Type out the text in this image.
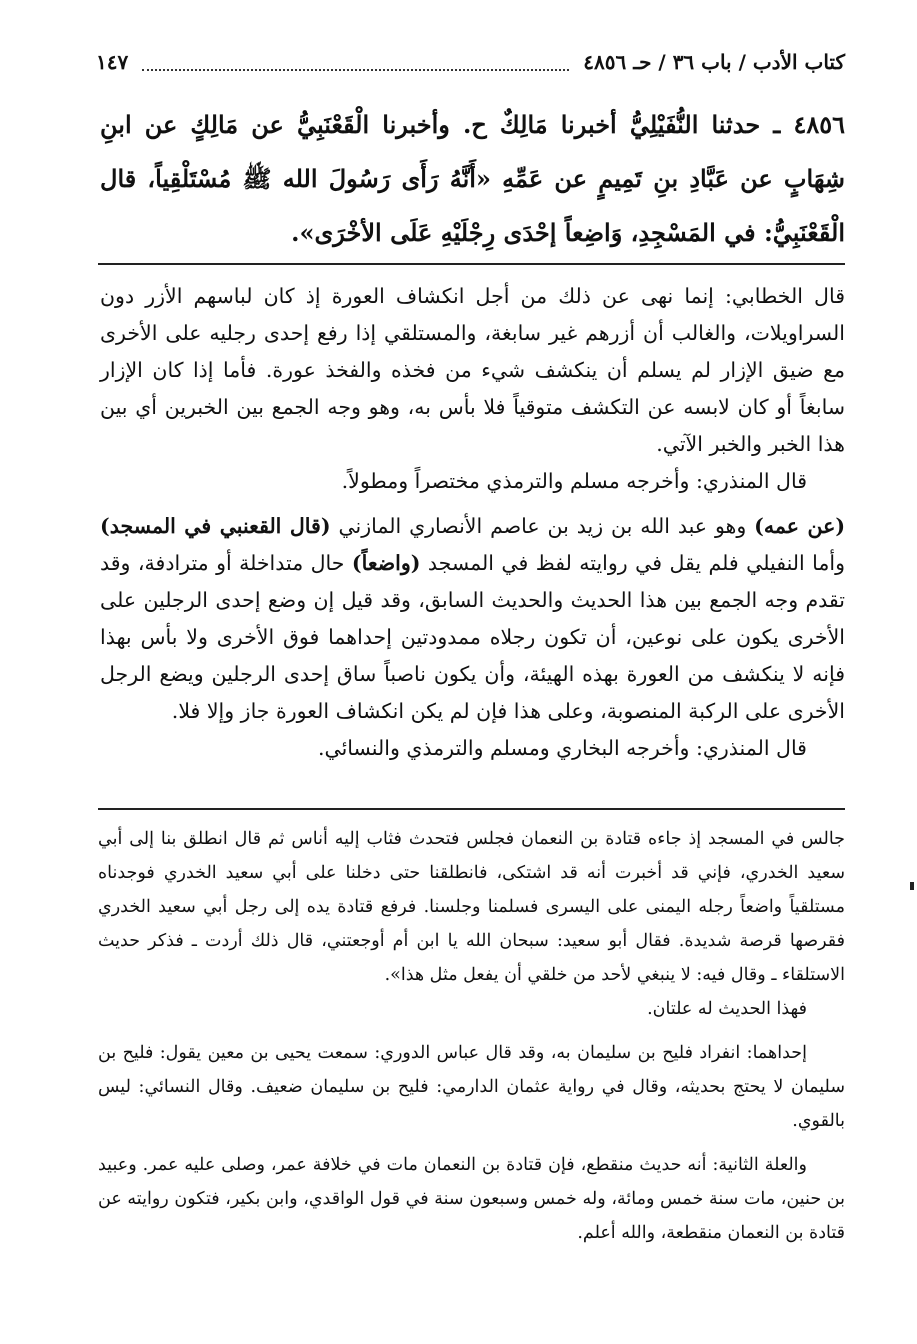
كتاب الأدب / باب ٣٦ / حـ ٤٨٥٦
١٤٧
٤٨٥٦ ـ حدثنا النُّفَيْلِيُّ أخبرنا مَالِكٌ ح. وأخبرنا الْقَعْنَبِيُّ عن مَالِكٍ عن ابنِ شِهَابٍ عن عَبَّادِ بنِ تَمِيمٍ عن عَمِّهِ «أَنَّهُ رَأَى رَسُولَ الله ﷺ مُسْتَلْقِياً، قال الْقَعْنَبِيُّ: في المَسْجِدِ، وَاضِعاً إحْدَى رِجْلَيْهِ عَلَى الأخْرَى».

قال الخطابي: إنما نهى عن ذلك من أجل انكشاف العورة إذ كان لباسهم الأزر دون السراويلات، والغالب أن أزرهم غير سابغة، والمستلقي إذا رفع إحدى رجليه على الأخرى مع ضيق الإزار لم يسلم أن ينكشف شيء من فخذه والفخذ عورة. فأما إذا كان الإزار سابغاً أو كان لابسه عن التكشف متوقياً فلا بأس به، وهو وجه الجمع بين الخبرين أي بين هذا الخبر والخبر الآتي.

قال المنذري: وأخرجه مسلم والترمذي مختصراً ومطولاً.

(عن عمه) وهو عبد الله بن زيد بن عاصم الأنصاري المازني (قال القعنبي في المسجد) وأما النفيلي فلم يقل في روايته لفظ في المسجد (واضعاً) حال متداخلة أو مترادفة، وقد تقدم وجه الجمع بين هذا الحديث والحديث السابق، وقد قيل إن وضع إحدى الرجلين على الأخرى يكون على نوعين، أن تكون رجلاه ممدودتين إحداهما فوق الأخرى ولا بأس بهذا فإنه لا ينكشف من العورة بهذه الهيئة، وأن يكون ناصباً ساق إحدى الرجلين ويضع الرجل الأخرى على الركبة المنصوبة، وعلى هذا فإن لم يكن انكشاف العورة جاز وإلا فلا.

قال المنذري: وأخرجه البخاري ومسلم والترمذي والنسائي.

جالس في المسجد إذ جاءه قتادة بن النعمان فجلس فتحدث فثاب إليه أناس ثم قال انطلق بنا إلى أبي سعيد الخدري، فإني قد أخبرت أنه قد اشتكى، فانطلقنا حتى دخلنا على أبي سعيد الخدري فوجدناه مستلقياً واضعاً رجله اليمنى على اليسرى فسلمنا وجلسنا. فرفع قتادة يده إلى رجل أبي سعيد الخدري فقرصها قرصة شديدة. فقال أبو سعيد: سبحان الله يا ابن أم أوجعتني، قال ذلك أردت ـ فذكر حديث الاستلقاء ـ وقال فيه: لا ينبغي لأحد من خلقي أن يفعل مثل هذا».

فهذا الحديث له علتان.

إحداهما: انفراد فليح بن سليمان به، وقد قال عباس الدوري: سمعت يحيى بن معين يقول: فليح بن سليمان لا يحتج بحديثه، وقال في رواية عثمان الدارمي: فليح بن سليمان ضعيف. وقال النسائي: ليس بالقوي.

والعلة الثانية: أنه حديث منقطع، فإن قتادة بن النعمان مات في خلافة عمر، وصلى عليه عمر. وعبيد بن حنين، مات سنة خمس ومائة، وله خمس وسبعون سنة في قول الواقدي، وابن بكير، فتكون روايته عن قتادة بن النعمان منقطعة، والله أعلم.
